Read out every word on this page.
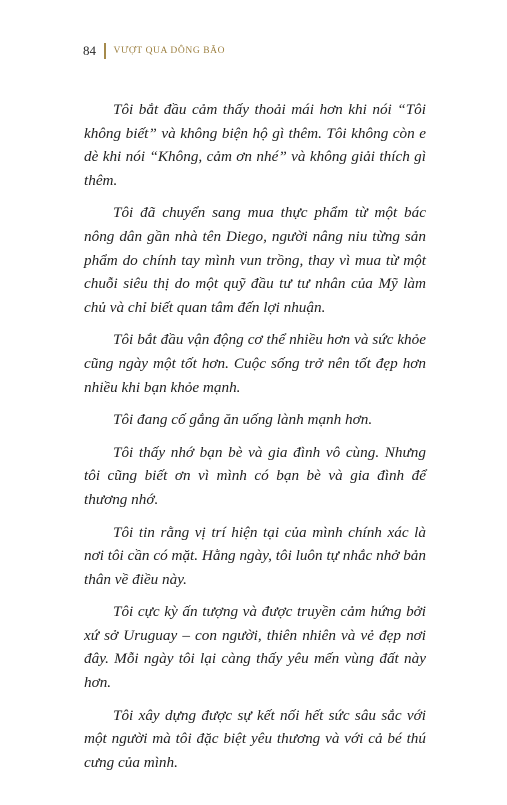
84 VƯỢT QUA DÔNG BÃO

Tôi bắt đầu cảm thấy thoải mái hơn khi nói “Tôi không biết” và không biện hộ gì thêm. Tôi không còn e dè khi nói “Không, cảm ơn nhé” và không giải thích gì thêm.

Tôi đã chuyển sang mua thực phẩm từ một bác nông dân gần nhà tên Diego, người nâng niu từng sản phẩm do chính tay mình vun trồng, thay vì mua từ một chuỗi siêu thị do một quỹ đầu tư tư nhân của Mỹ làm chủ và chỉ biết quan tâm đến lợi nhuận.

Tôi bắt đầu vận động cơ thể nhiều hơn và sức khỏe cũng ngày một tốt hơn. Cuộc sống trở nên tốt đẹp hơn nhiều khi bạn khỏe mạnh.

Tôi đang cố gắng ăn uống lành mạnh hơn.

Tôi thấy nhớ bạn bè và gia đình vô cùng. Nhưng tôi cũng biết ơn vì mình có bạn bè và gia đình để thương nhớ.

Tôi tin rằng vị trí hiện tại của mình chính xác là nơi tôi cần có mặt. Hằng ngày, tôi luôn tự nhắc nhở bản thân về điều này.

Tôi cực kỳ ấn tượng và được truyền cảm hứng bởi xứ sở Uruguay – con người, thiên nhiên và vẻ đẹp nơi đây. Mỗi ngày tôi lại càng thấy yêu mến vùng đất này hơn.

Tôi xây dựng được sự kết nối hết sức sâu sắc với một người mà tôi đặc biệt yêu thương và với cả bé thú cưng của mình.
